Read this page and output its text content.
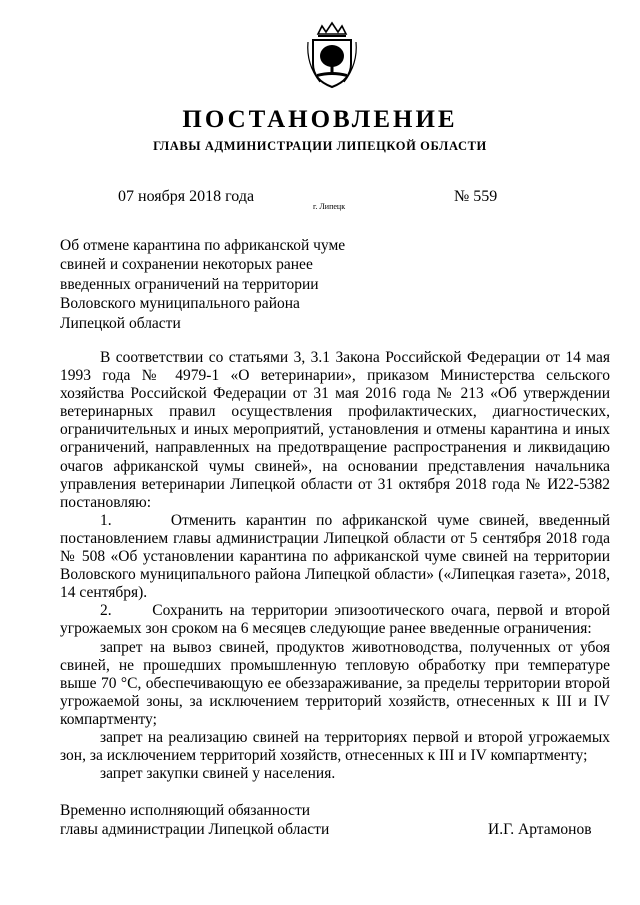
ПОСТАНОВЛЕНИЕ
ГЛАВЫ АДМИНИСТРАЦИИ ЛИПЕЦКОЙ ОБЛАСТИ
07 ноября 2018 года
г. Липецк
№ 559
Об отмене карантина по африканской чуме
свиней и сохранении некоторых ранее
введенных ограничений на территории
Воловского муниципального района
Липецкой области

В соответствии со статьями 3, 3.1 Закона Российской Федерации от 14 мая 1993 года № 4979-1 «О ветеринарии», приказом Министерства сельского хозяйства Российской Федерации от 31 мая 2016 года № 213 «Об утверждении ветеринарных правил осуществления профилактических, диагностических, ограничительных и иных мероприятий, установления и отмены карантина и иных ограничений, направленных на предотвращение распространения и ликвидацию очагов африканской чумы свиней», на основании представления начальника управления ветеринарии Липецкой области от 31 октября 2018 года № И22-5382 постановляю:

1.      Отменить карантин по африканской чуме свиней, введенный постановлением главы администрации Липецкой области от 5 сентября 2018 года № 508 «Об установлении карантина по африканской чуме свиней на территории Воловского муниципального района Липецкой области» («Липецкая газета», 2018, 14 сентября).

2.      Сохранить на территории эпизоотического очага, первой и второй угрожаемых зон сроком на 6 месяцев следующие ранее введенные ограничения:

запрет на вывоз свиней, продуктов животноводства, полученных от убоя свиней, не прошедших промышленную тепловую обработку при температуре выше 70 °С, обеспечивающую ее обеззараживание, за пределы территории второй угрожаемой зоны, за исключением территорий хозяйств, отнесенных к III и IV компартменту;

запрет на реализацию свиней на территориях первой и второй угрожаемых зон, за исключением территорий хозяйств, отнесенных к III и IV компартменту;

запрет закупки свиней у населения.

Временно исполняющий обязанности
главы администрации Липецкой области	И.Г. Артамонов
